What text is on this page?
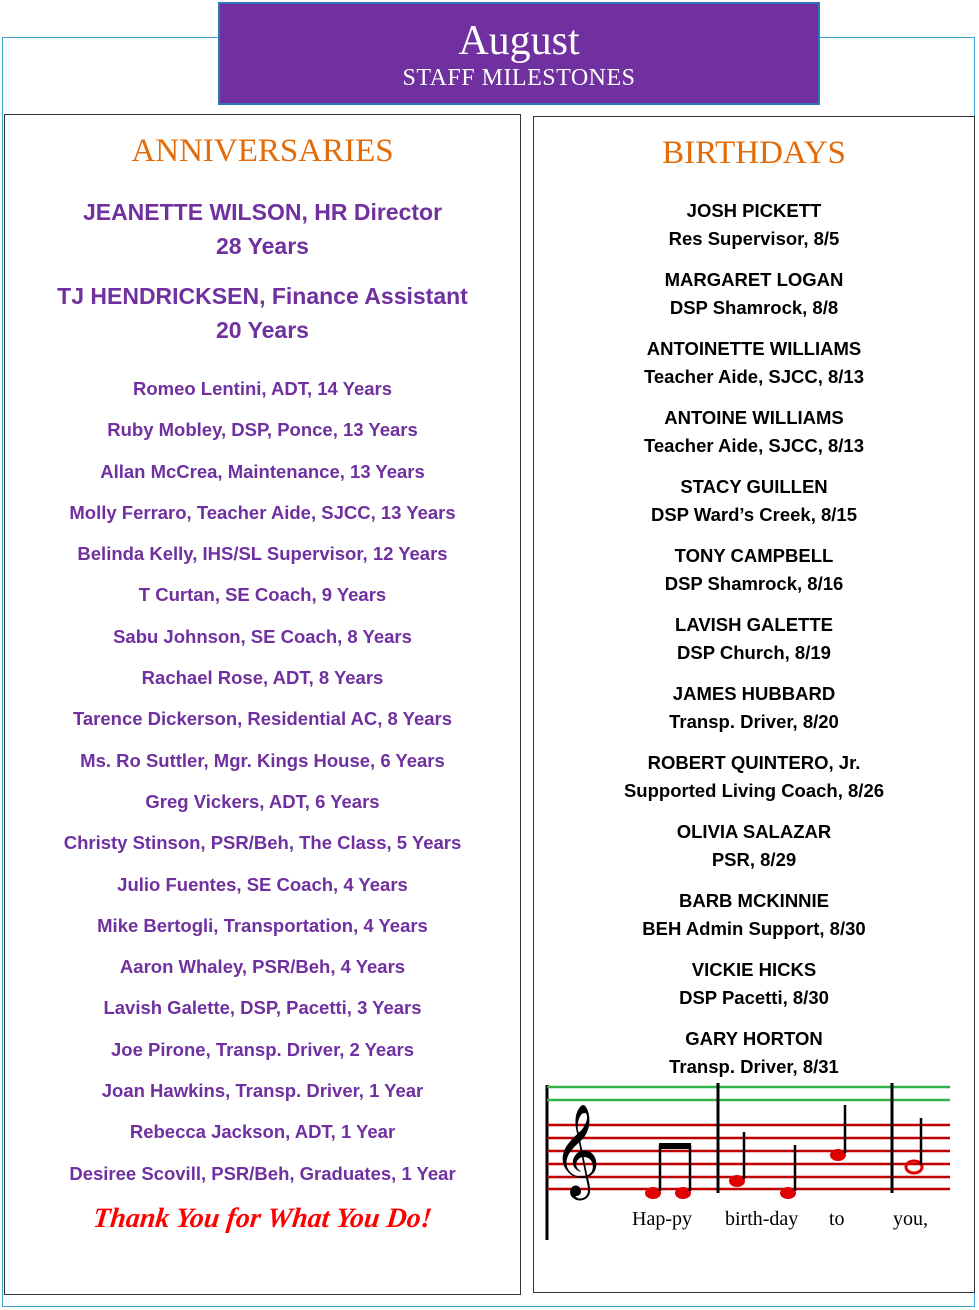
August
STAFF MILESTONES
ANNIVERSARIES
JEANETTE WILSON, HR Director
28 Years
TJ HENDRICKSEN, Finance Assistant
20 Years
Romeo Lentini, ADT, 14 Years
Ruby Mobley, DSP, Ponce, 13 Years
Allan McCrea, Maintenance, 13 Years
Molly Ferraro, Teacher Aide, SJCC, 13 Years
Belinda Kelly, IHS/SL Supervisor, 12 Years
T Curtan, SE Coach, 9 Years
Sabu Johnson, SE Coach, 8 Years
Rachael Rose, ADT, 8 Years
Tarence Dickerson, Residential AC, 8 Years
Ms. Ro Suttler, Mgr. Kings House, 6 Years
Greg Vickers, ADT, 6 Years
Christy Stinson, PSR/Beh, The Class, 5 Years
Julio Fuentes, SE Coach, 4 Years
Mike Bertogli, Transportation, 4 Years
Aaron Whaley, PSR/Beh, 4 Years
Lavish Galette, DSP, Pacetti, 3 Years
Joe Pirone, Transp. Driver, 2 Years
Joan Hawkins, Transp. Driver, 1 Year
Rebecca Jackson, ADT, 1 Year
Desiree Scovill, PSR/Beh, Graduates, 1 Year
Thank You for What You Do!
BIRTHDAYS
JOSH PICKETT
Res Supervisor, 8/5
MARGARET LOGAN
DSP Shamrock, 8/8
ANTOINETTE WILLIAMS
Teacher Aide, SJCC, 8/13
ANTOINE WILLIAMS
Teacher Aide, SJCC, 8/13
STACY GUILLEN
DSP Ward’s Creek, 8/15
TONY CAMPBELL
DSP Shamrock, 8/16
LAVISH GALETTE
DSP Church, 8/19
JAMES HUBBARD
Transp. Driver, 8/20
ROBERT QUINTERO, Jr.
Supported Living Coach, 8/26
OLIVIA SALAZAR
PSR, 8/29
BARB MCKINNIE
BEH Admin Support, 8/30
VICKIE HICKS
DSP Pacetti, 8/30
GARY HORTON
Transp. Driver, 8/31
𝄞
Hap-py birth-day to you,
